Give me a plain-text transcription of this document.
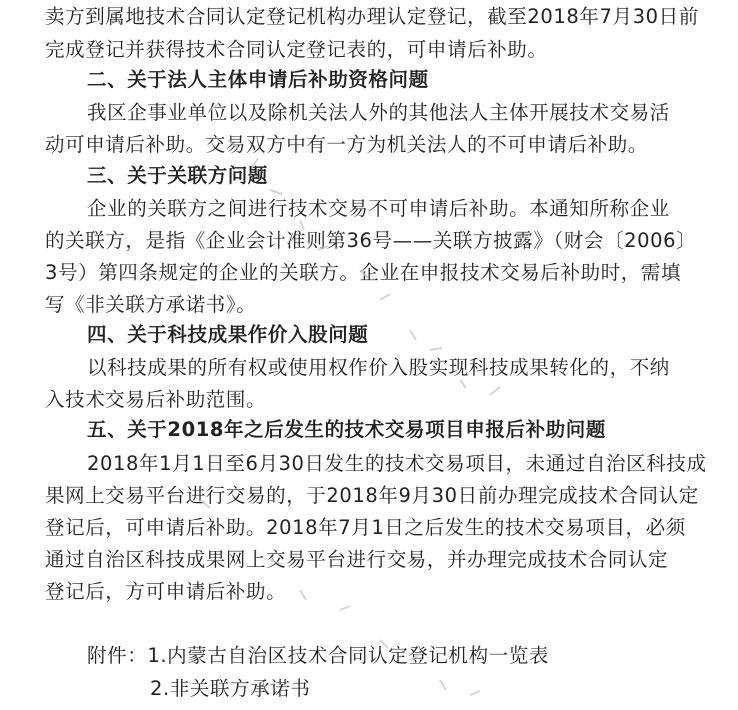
卖方到属地技术合同认定登记机构办理认定登记，截至2018年7月30日前
完成登记并获得技术合同认定登记表的，可申请后补助。
二、关于法人主体申请后补助资格问题
我区企事业单位以及除机关法人外的其他法人主体开展技术交易活
动可申请后补助。交易双方中有一方为机关法人的不可申请后补助。
三、关于关联方问题
企业的关联方之间进行技术交易不可申请后补助。本通知所称企业
的关联方，是指《企业会计准则第36号——关联方披露》（财会〔2006〕
3号）第四条规定的企业的关联方。企业在申报技术交易后补助时，需填
写《非关联方承诺书》。
四、关于科技成果作价入股问题
以科技成果的所有权或使用权作价入股实现科技成果转化的，不纳
入技术交易后补助范围。
五、关于2018年之后发生的技术交易项目申报后补助问题
2018年1月1日至6月30日发生的技术交易项目，未通过自治区科技成
果网上交易平台进行交易的，于2018年9月30日前办理完成技术合同认定
登记后，可申请后补助。2018年7月1日之后发生的技术交易项目，必须
通过自治区科技成果网上交易平台进行交易，并办理完成技术合同认定
登记后，方可申请后补助。
附件：1.内蒙古自治区技术合同认定登记机构一览表
2.非关联方承诺书
